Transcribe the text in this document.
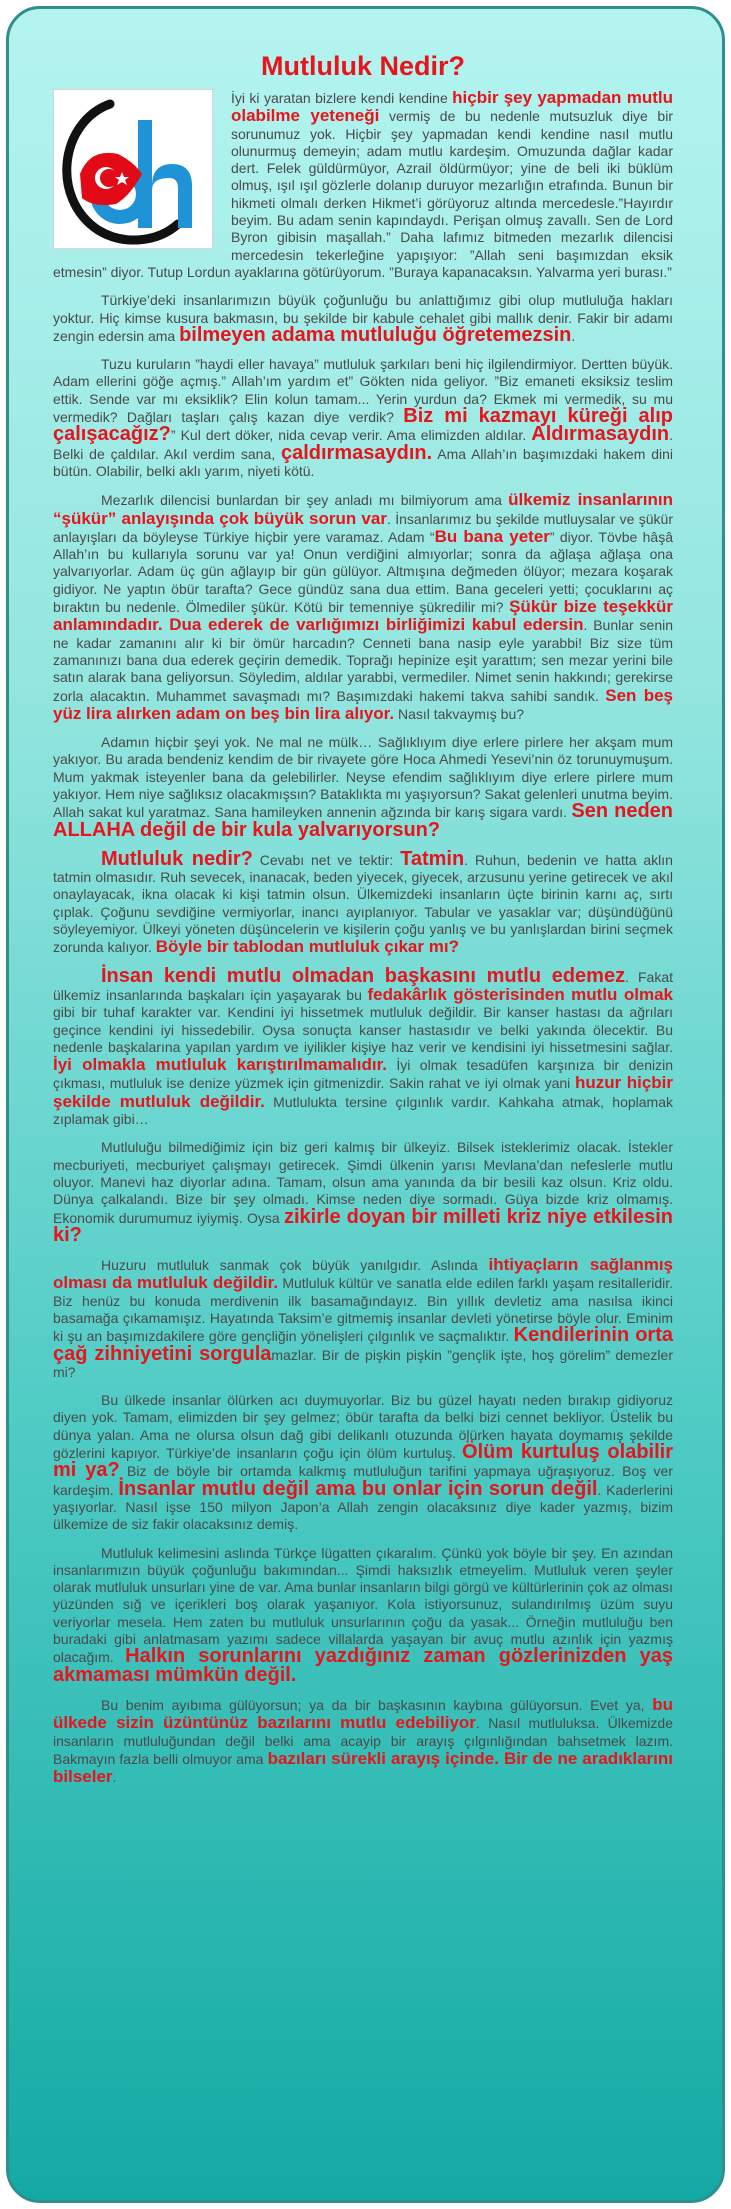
Mutluluk Nedir?

İyi ki yaratan bizlere kendi kendine hiçbir şey yapmadan mutlu olabilme yeteneği vermiş de bu nedenle mutsuzluk diye bir sorunumuz yok. Hiçbir şey yapmadan kendi kendine nasıl mutlu olunurmuş demeyin; adam mutlu kardeşim. Omuzunda dağlar kadar dert. Felek güldürmüyor, Azrail öldürmüyor; yine de beli iki büklüm olmuş, ışıl ışıl gözlerle dolanıp duruyor mezarlığın etrafında. Bunun bir hikmeti olmalı derken Hikmet’i görüyoruz altında mercedesle.”Hayırdır beyim. Bu adam senin kapındaydı. Perişan olmuş zavallı. Sen de Lord Byron gibisin maşallah.” Daha lafımız bitmeden mezarlık dilencisi mercedesin tekerleğine yapışıyor: ”Allah seni başımızdan eksik etmesin” diyor. Tutup Lordun ayaklarına götürüyorum. ”Buraya kapanacaksın. Yalvarma yeri burası.”

Türkiye’deki insanlarımızın büyük çoğunluğu bu anlattığımız gibi olup mutluluğa hakları yoktur. Hiç kimse kusura bakmasın, bu şekilde bir kabule cehalet gibi mallık denir. Fakir bir adamı zengin edersin ama bilmeyen adama mutluluğu öğretemezsin.

Tuzu kuruların ”haydi eller havaya” mutluluk şarkıları beni hiç ilgilendirmiyor. Dertten büyük. Adam ellerini göğe açmış.” Allah’ım yardım et” Gökten nida geliyor. ”Biz emaneti eksiksiz teslim ettik. Sende var mı eksiklik? Elin kolun tamam... Yerin yurdun da? Ekmek mi vermedik, su mu vermedik? Dağları taşları çalış kazan diye verdik? Biz mi kazmayı küreği alıp çalışacağız?” Kul dert döker, nida cevap verir. Ama elimizden aldılar. Aldırmasaydın. Belki de çaldılar. Akıl verdim sana, çaldırmasaydın. Ama Allah’ın başımızdaki hakem dini bütün. Olabilir, belki aklı yarım, niyeti kötü.

Mezarlık dilencisi bunlardan bir şey anladı mı bilmiyorum ama ülkemiz insanlarının “şükür” anlayışında çok büyük sorun var. İnsanlarımız bu şekilde mutluysalar ve şükür anlayışları da böyleyse Türkiye hiçbir yere varamaz. Adam “Bu bana yeter” diyor. Tövbe hâşâ Allah’ın bu kullarıyla sorunu var ya! Onun verdiğini almıyorlar; sonra da ağlaşa ağlaşa ona yalvarıyorlar. Adam üç gün ağlayıp bir gün gülüyor. Altmışına değmeden ölüyor; mezara koşarak gidiyor. Ne yaptın öbür tarafta? Gece gündüz sana dua ettim. Bana geceleri yetti; çocuklarını aç bıraktın bu nedenle. Ölmediler şükür. Kötü bir temenniye şükredilir mi? Şükür bize teşekkür anlamındadır. Dua ederek de varlığımızı birliğimizi kabul edersin. Bunlar senin ne kadar zamanını alır ki bir ömür harcadın? Cenneti bana nasip eyle yarabbi! Biz size tüm zamanınızı bana dua ederek geçirin demedik. Toprağı hepinize eşit yarattım; sen mezar yerini bile satın alarak bana geliyorsun. Söyledim, aldılar yarabbi, vermediler. Nimet senin hakkındı; gerekirse zorla alacaktın. Muhammet savaşmadı mı? Başımızdaki hakemi takva sahibi sandık. Sen beş yüz lira alırken adam on beş bin lira alıyor. Nasıl takvaymış bu?

Adamın hiçbir şeyi yok. Ne mal ne mülk… Sağlıklıyım diye erlere pirlere her akşam mum yakıyor. Bu arada bendeniz kendim de bir rivayete göre Hoca Ahmedi Yesevi’nin öz torunuymuşum. Mum yakmak isteyenler bana da gelebilirler. Neyse efendim sağlıklıyım diye erlere pirlere mum yakıyor. Hem niye sağlıksız olacakmışsın? Bataklıkta mı yaşıyorsun? Sakat gelenleri unutma beyim. Allah sakat kul yaratmaz. Sana hamileyken annenin ağzında bir karış sigara vardı. Sen neden ALLAHA değil de bir kula yalvarıyorsun?

Mutluluk nedir? Cevabı net ve tektir: Tatmin. Ruhun, bedenin ve hatta aklın tatmin olmasıdır. Ruh sevecek, inanacak, beden yiyecek, giyecek, arzusunu yerine getirecek ve akıl onaylayacak, ikna olacak ki kişi tatmin olsun. Ülkemizdeki insanların üçte birinin karnı aç, sırtı çıplak. Çoğunu sevdiğine vermiyorlar, inancı ayıplanıyor. Tabular ve yasaklar var; düşündüğünü söyleyemiyor. Ülkeyi yöneten düşüncelerin ve kişilerin çoğu yanlış ve bu yanlışlardan birini seçmek zorunda kalıyor. Böyle bir tablodan mutluluk çıkar mı?

İnsan kendi mutlu olmadan başkasını mutlu edemez. Fakat ülkemiz insanlarında başkaları için yaşayarak bu fedakârlık gösterisinden mutlu olmak gibi bir tuhaf karakter var. Kendini iyi hissetmek mutluluk değildir. Bir kanser hastası da ağrıları geçince kendini iyi hissedebilir. Oysa sonuçta kanser hastasıdır ve belki yakında ölecektir. Bu nedenle başkalarına yapılan yardım ve iyilikler kişiye haz verir ve kendisini iyi hissetmesini sağlar. İyi olmakla mutluluk karıştırılmamalıdır. İyi olmak tesadüfen karşınıza bir denizin çıkması, mutluluk ise denize yüzmek için gitmenizdir. Sakin rahat ve iyi olmak yani huzur hiçbir şekilde mutluluk değildir. Mutlulukta tersine çılgınlık vardır. Kahkaha atmak, hoplamak zıplamak gibi…

Mutluluğu bilmediğimiz için biz geri kalmış bir ülkeyiz. Bilsek isteklerimiz olacak. İstekler mecburiyeti, mecburiyet çalışmayı getirecek. Şimdi ülkenin yarısı Mevlana’dan nefeslerle mutlu oluyor. Manevi haz diyorlar adına. Tamam, olsun ama yanında da bir besili kaz olsun. Kriz oldu. Dünya çalkalandı. Bize bir şey olmadı. Kimse neden diye sormadı. Güya bizde kriz olmamış. Ekonomik durumumuz iyiymiş. Oysa zikirle doyan bir milleti kriz niye etkilesin ki?

Huzuru mutluluk sanmak çok büyük yanılgıdır. Aslında ihtiyaçların sağlanmış olması da mutluluk değildir. Mutluluk kültür ve sanatla elde edilen farklı yaşam resitalleridir. Biz henüz bu konuda merdivenin ilk basamağındayız. Bin yıllık devletiz ama nasılsa ikinci basamağa çıkamamışız. Hayatında Taksim’e gitmemiş insanlar devleti yönetirse böyle olur. Eminim ki şu an başımızdakilere göre gençliğin yönelişleri çılgınlık ve saçmalıktır. Kendilerinin orta çağ zihniyetini sorgulamazlar. Bir de pişkin pişkin ”gençlik işte, hoş görelim” demezler mi?

Bu ülkede insanlar ölürken acı duymuyorlar. Biz bu güzel hayatı neden bırakıp gidiyoruz diyen yok. Tamam, elimizden bir şey gelmez; öbür tarafta da belki bizi cennet bekliyor. Üstelik bu dünya yalan. Ama ne olursa olsun dağ gibi delikanlı otuzunda ölürken hayata doymamış şekilde gözlerini kapıyor. Türkiye’de insanların çoğu için ölüm kurtuluş. Ölüm kurtuluş olabilir mi ya? Biz de böyle bir ortamda kalkmış mutluluğun tarifini yapmaya uğraşıyoruz. Boş ver kardeşim. İnsanlar mutlu değil ama bu onlar için sorun değil. Kaderlerini yaşıyorlar. Nasıl işse 150 milyon Japon’a Allah zengin olacaksınız diye kader yazmış, bizim ülkemize de siz fakir olacaksınız demiş.

Mutluluk kelimesini aslında Türkçe lügatten çıkaralım. Çünkü yok böyle bir şey. En azından insanlarımızın büyük çoğunluğu bakımından... Şimdi haksızlık etmeyelim. Mutluluk veren şeyler olarak mutluluk unsurları yine de var. Ama bunlar insanların bilgi görgü ve kültürlerinin çok az olması yüzünden sığ ve içerikleri boş olarak yaşanıyor. Kola istiyorsunuz, sulandırılmış üzüm suyu veriyorlar mesela. Hem zaten bu mutluluk unsurlarının çoğu da yasak... Örneğin mutluluğu ben buradaki gibi anlatmasam yazımı sadece villalarda yaşayan bir avuç mutlu azınlık için yazmış olacağım. Halkın sorunlarını yazdığınız zaman gözlerinizden yaş akmaması mümkün değil.

Bu benim ayıbıma gülüyorsun; ya da bir başkasının kaybına gülüyorsun. Evet ya, bu ülkede sizin üzüntünüz bazılarını mutlu edebiliyor. Nasıl mutluluksa. Ülkemizde insanların mutluluğundan değil belki ama acayip bir arayış çılgınlığından bahsetmek lazım. Bakmayın fazla belli olmuyor ama bazıları sürekli arayış içinde. Bir de ne aradıklarını bilseler.
